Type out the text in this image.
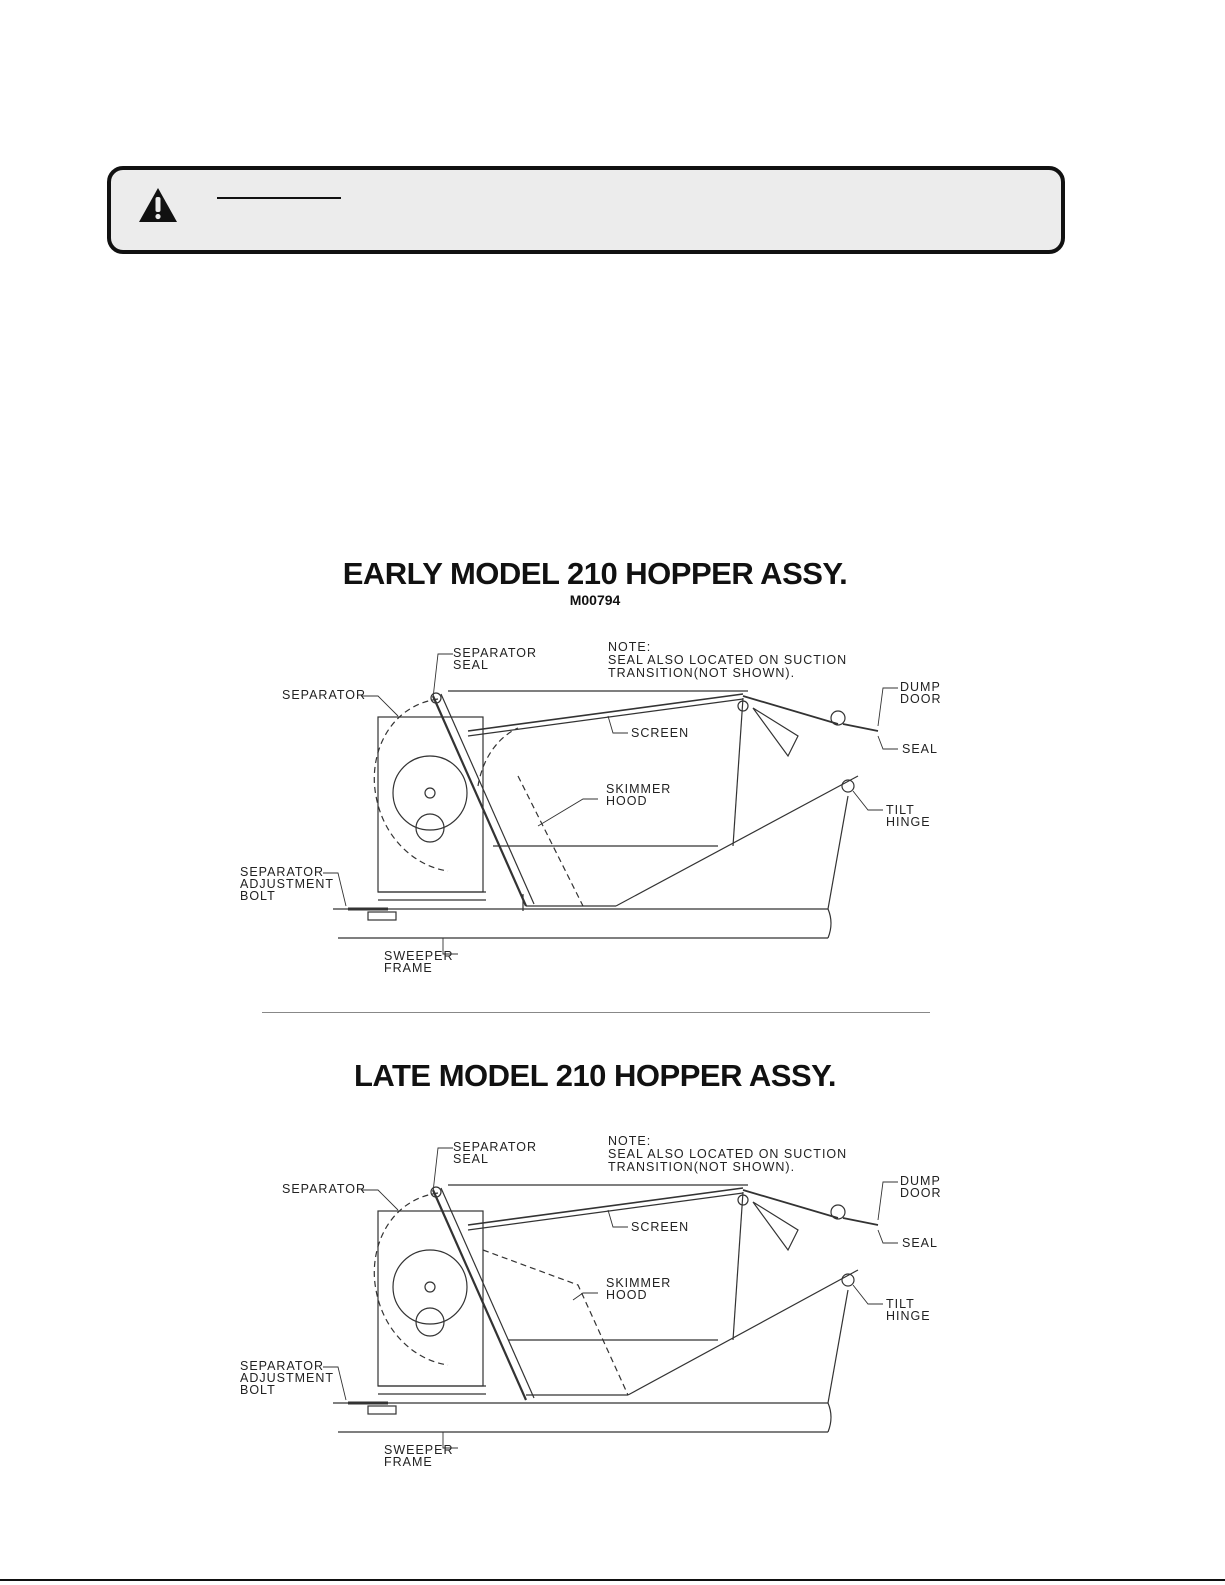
EARLY MODEL 210 HOPPER ASSY.
M00794
SEPARATOR
SEAL
SEPARATOR
NOTE:
SEAL ALSO LOCATED ON SUCTION
TRANSITION(NOT SHOWN).
DUMP
DOOR
SEAL
SCREEN
SKIMMER
HOOD
TILT
HINGE
SEPARATOR
ADJUSTMENT
BOLT
SWEEPER
FRAME
LATE MODEL 210 HOPPER ASSY.
SEPARATOR
SEAL
SEPARATOR
NOTE:
SEAL ALSO LOCATED ON SUCTION
TRANSITION(NOT SHOWN).
DUMP
DOOR
SEAL
SCREEN
SKIMMER
HOOD
TILT
HINGE
SEPARATOR
ADJUSTMENT
BOLT
SWEEPER
FRAME
